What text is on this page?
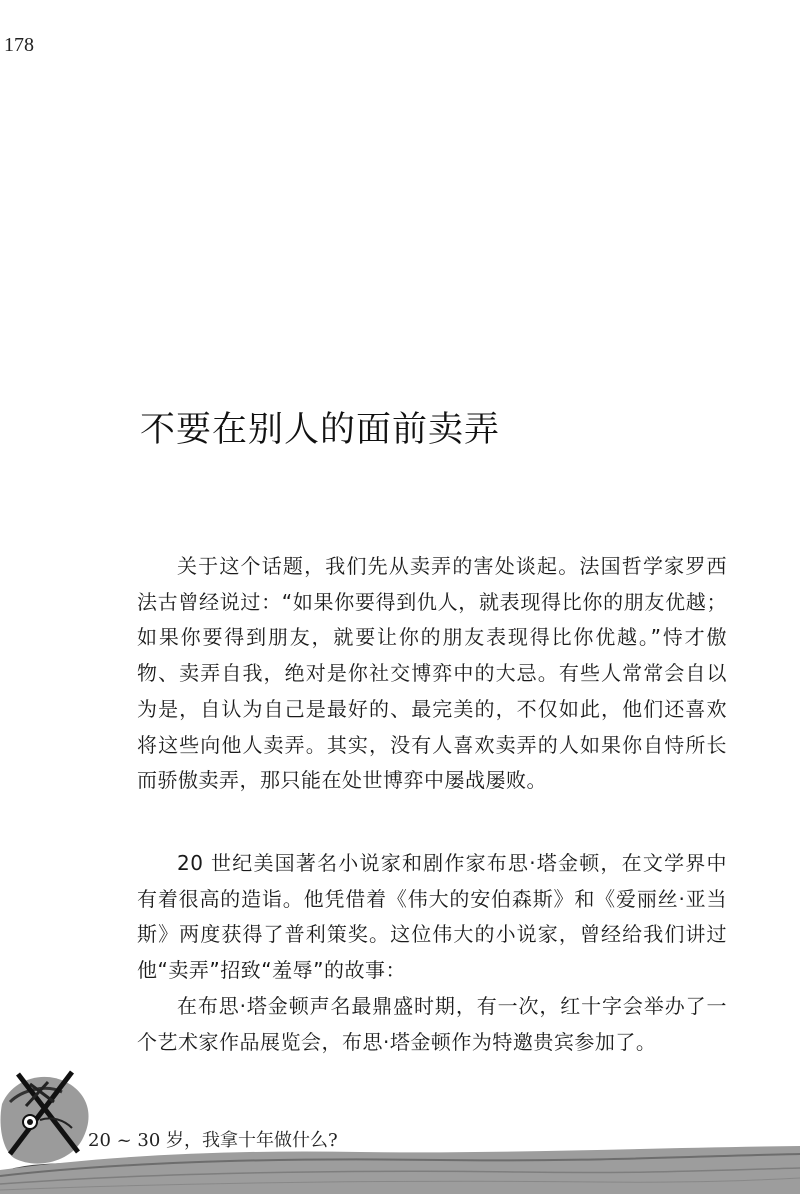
178
不要在别人的面前卖弄

关于这个话题，我们先从卖弄的害处谈起。法国哲学家罗西法古曾经说过：“如果你要得到仇人，就表现得比你的朋友优越；如果你要得到朋友，就要让你的朋友表现得比你优越。”恃才傲物、卖弄自我，绝对是你社交博弈中的大忌。有些人常常会自以为是，自认为自己是最好的、最完美的，不仅如此，他们还喜欢将这些向他人卖弄。其实，没有人喜欢卖弄的人如果你自恃所长而骄傲卖弄，那只能在处世博弈中屡战屡败。

20 世纪美国著名小说家和剧作家布思·塔金顿，在文学界中有着很高的造诣。他凭借着《伟大的安伯森斯》和《爱丽丝·亚当斯》两度获得了普利策奖。这位伟大的小说家，曾经给我们讲过他“卖弄”招致“羞辱”的故事：

在布思·塔金顿声名最鼎盛时期，有一次，红十字会举办了一个艺术家作品展览会，布思·塔金顿作为特邀贵宾参加了。

20 ~ 30 岁，我拿十年做什么?
